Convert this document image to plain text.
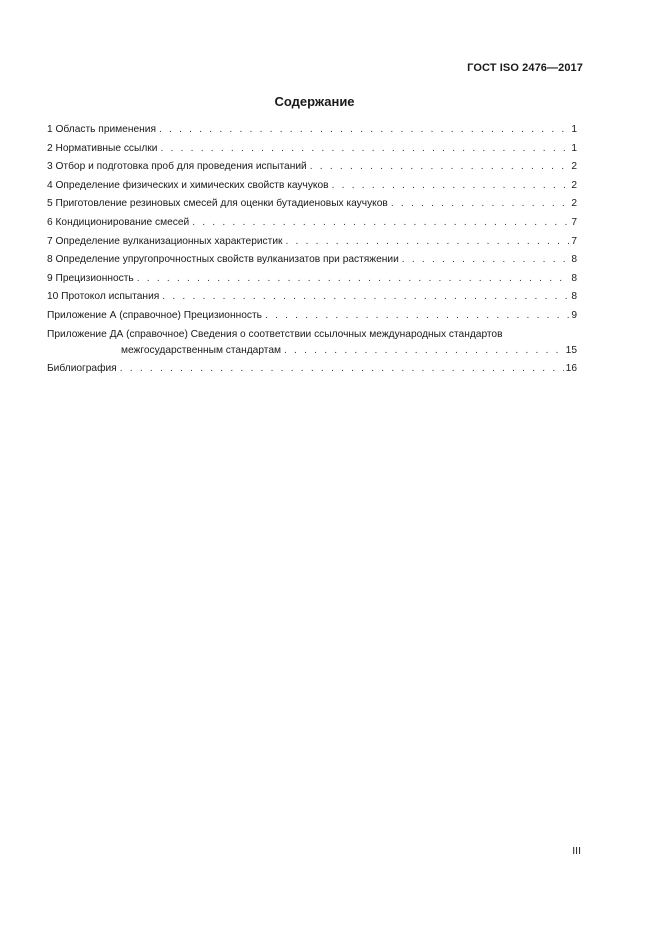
ГОСТ ISO 2476—2017
Содержание
1 Область применения . . .	1
2 Нормативные ссылки . . .	1
3 Отбор и подготовка проб для проведения испытаний . . .	2
4 Определение физических и химических свойств каучуков . . .	2
5 Приготовление резиновых смесей для оценки бутадиеновых каучуков . . .	2
6 Кондиционирование смесей . . .	7
7 Определение вулканизационных характеристик . . .	7
8 Определение упругопрочностных свойств вулканизатов при растяжении . . .	8
9 Прецизионность . . .	8
10 Протокол испытания . . .	8
Приложение А (справочное) Прецизионность . . .	9
Приложение ДА (справочное) Сведения о соответствии ссылочных международных стандартов
межгосударственным стандартам . . .	15
Библиография . . .	16
III
